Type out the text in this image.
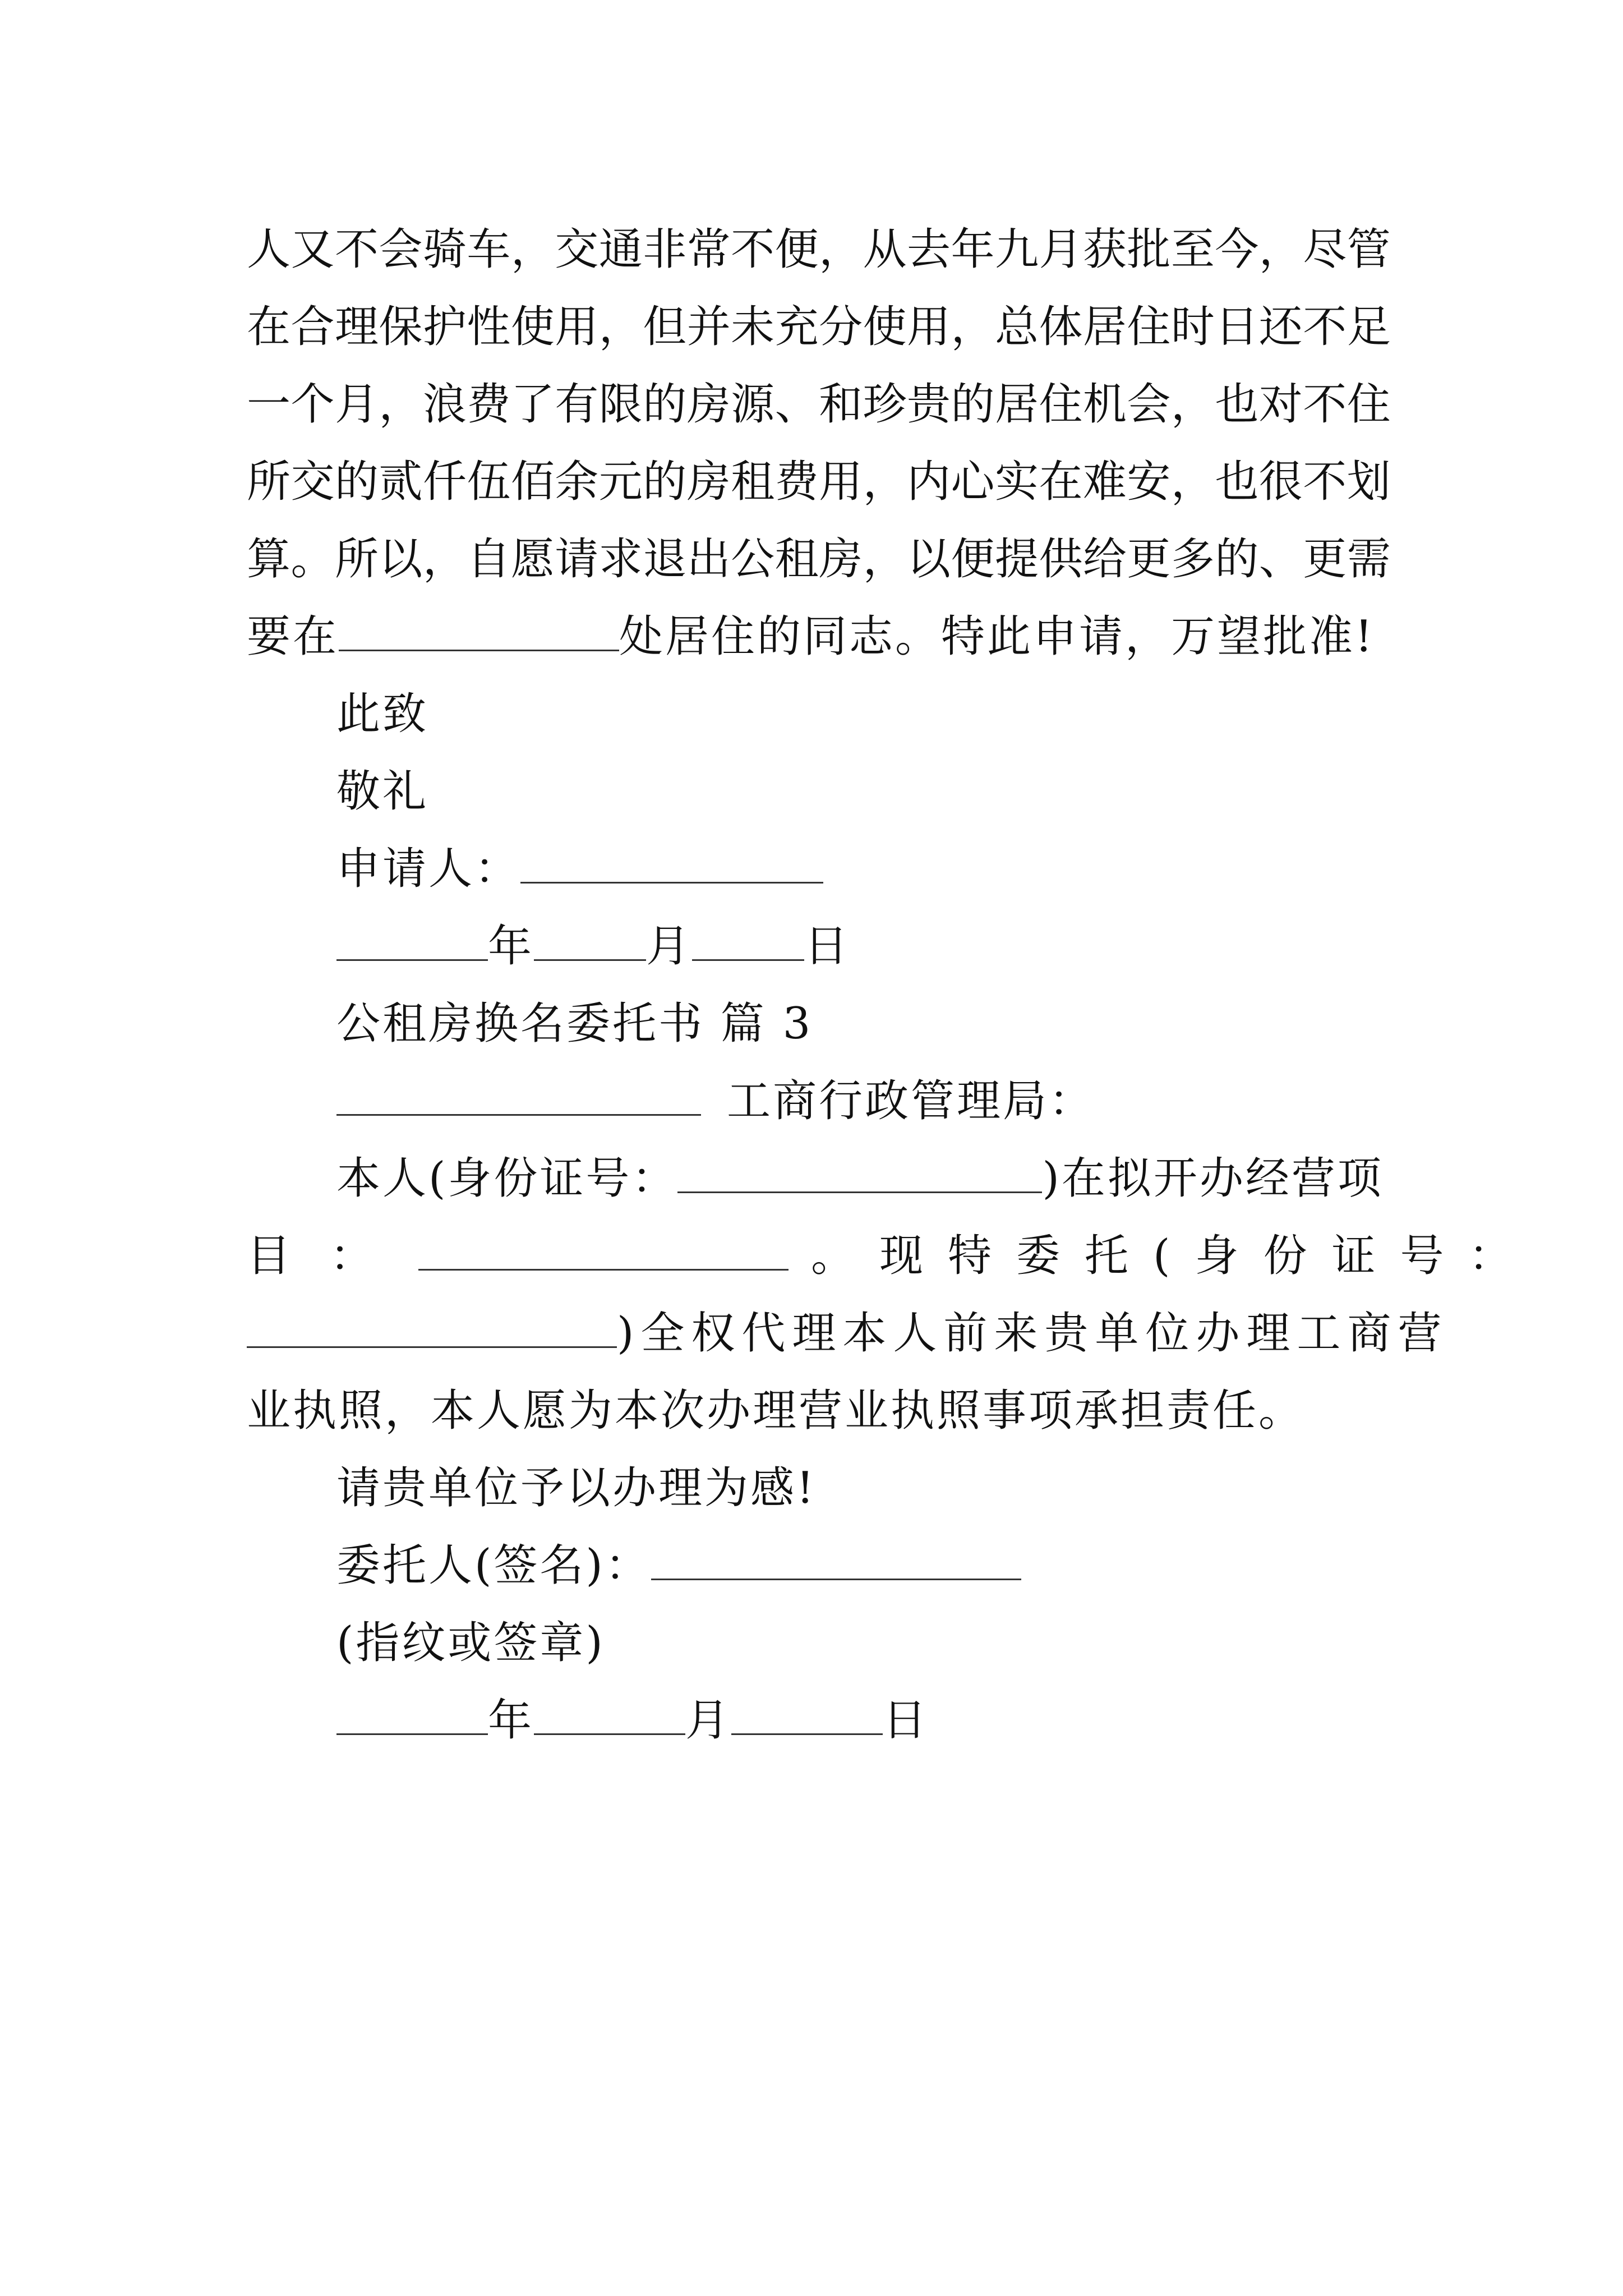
人 又 不 会 骑 车 ， 交 通 非 常 不 便 ， 从 去 年 九 月 获 批 至 今 ， 尽 管
在 合 理 保 护 性 使 用 ， 但 并 未 充 分 使 用 ， 总 体 居 住 时 日 还 不 足
一 个 月 ， 浪 费 了 有 限 的 房 源 、 和 珍 贵 的 居 住 机 会 ， 也 对 不 住
所 交 的 贰 仟 伍 佰 余 元 的 房 租 费 用 ， 内 心 实 在 难 安 ， 也 很 不 划
算 。 所 以 ， 自 愿 请 求 退 出 公 租 房 ， 以 便 提 供 给 更 多 的 、 更 需
要在	处居住的同志。特此申请，万望批准!
此致
敬礼
申请人：
年	月	日
公租房换名委托书 篇 3
工商行政管理局：
本人(身份证号：	)在拟开办经营项
目：	。现特委托(身份证号：
)全权代理本人前来贵单位办理工商营
业执照，本人愿为本次办理营业执照事项承担责任。
请贵单位予以办理为感!
委托人(签名)：
(指纹或签章)
年	月	日
